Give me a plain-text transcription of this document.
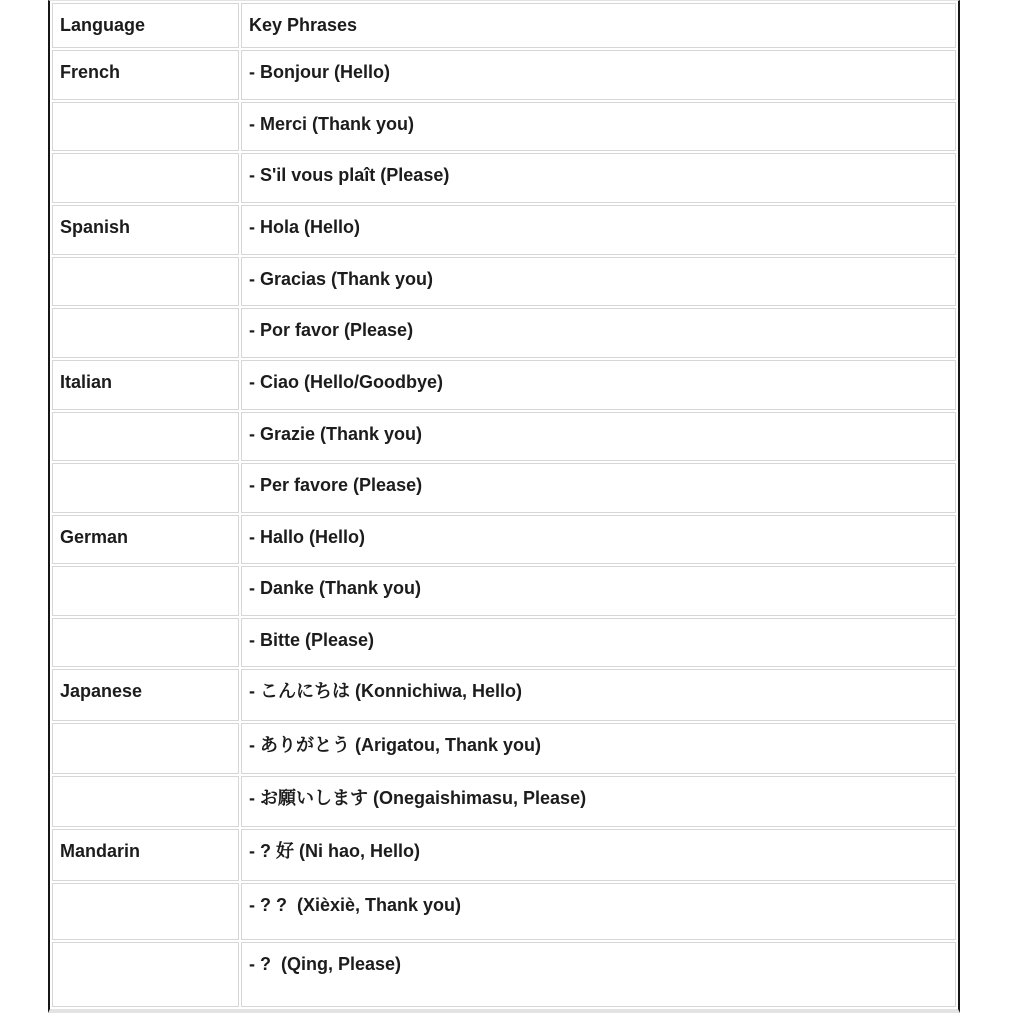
Language	Key Phrases
French	- Bonjour (Hello)
	- Merci (Thank you)
	- S'il vous plaît (Please)
Spanish	- Hola (Hello)
	- Gracias (Thank you)
	- Por favor (Please)
Italian	- Ciao (Hello/Goodbye)
	- Grazie (Thank you)
	- Per favore (Please)
German	- Hallo (Hello)
	- Danke (Thank you)
	- Bitte (Please)
Japanese	- こんにちは (Konnichiwa, Hello)
	- ありがとう (Arigatou, Thank you)
	- お願いします (Onegaishimasu, Please)
Mandarin	- ? 好 (Ni hao, Hello)
	- ? ?  (Xièxiè, Thank you)
	- ?  (Qing, Please)
